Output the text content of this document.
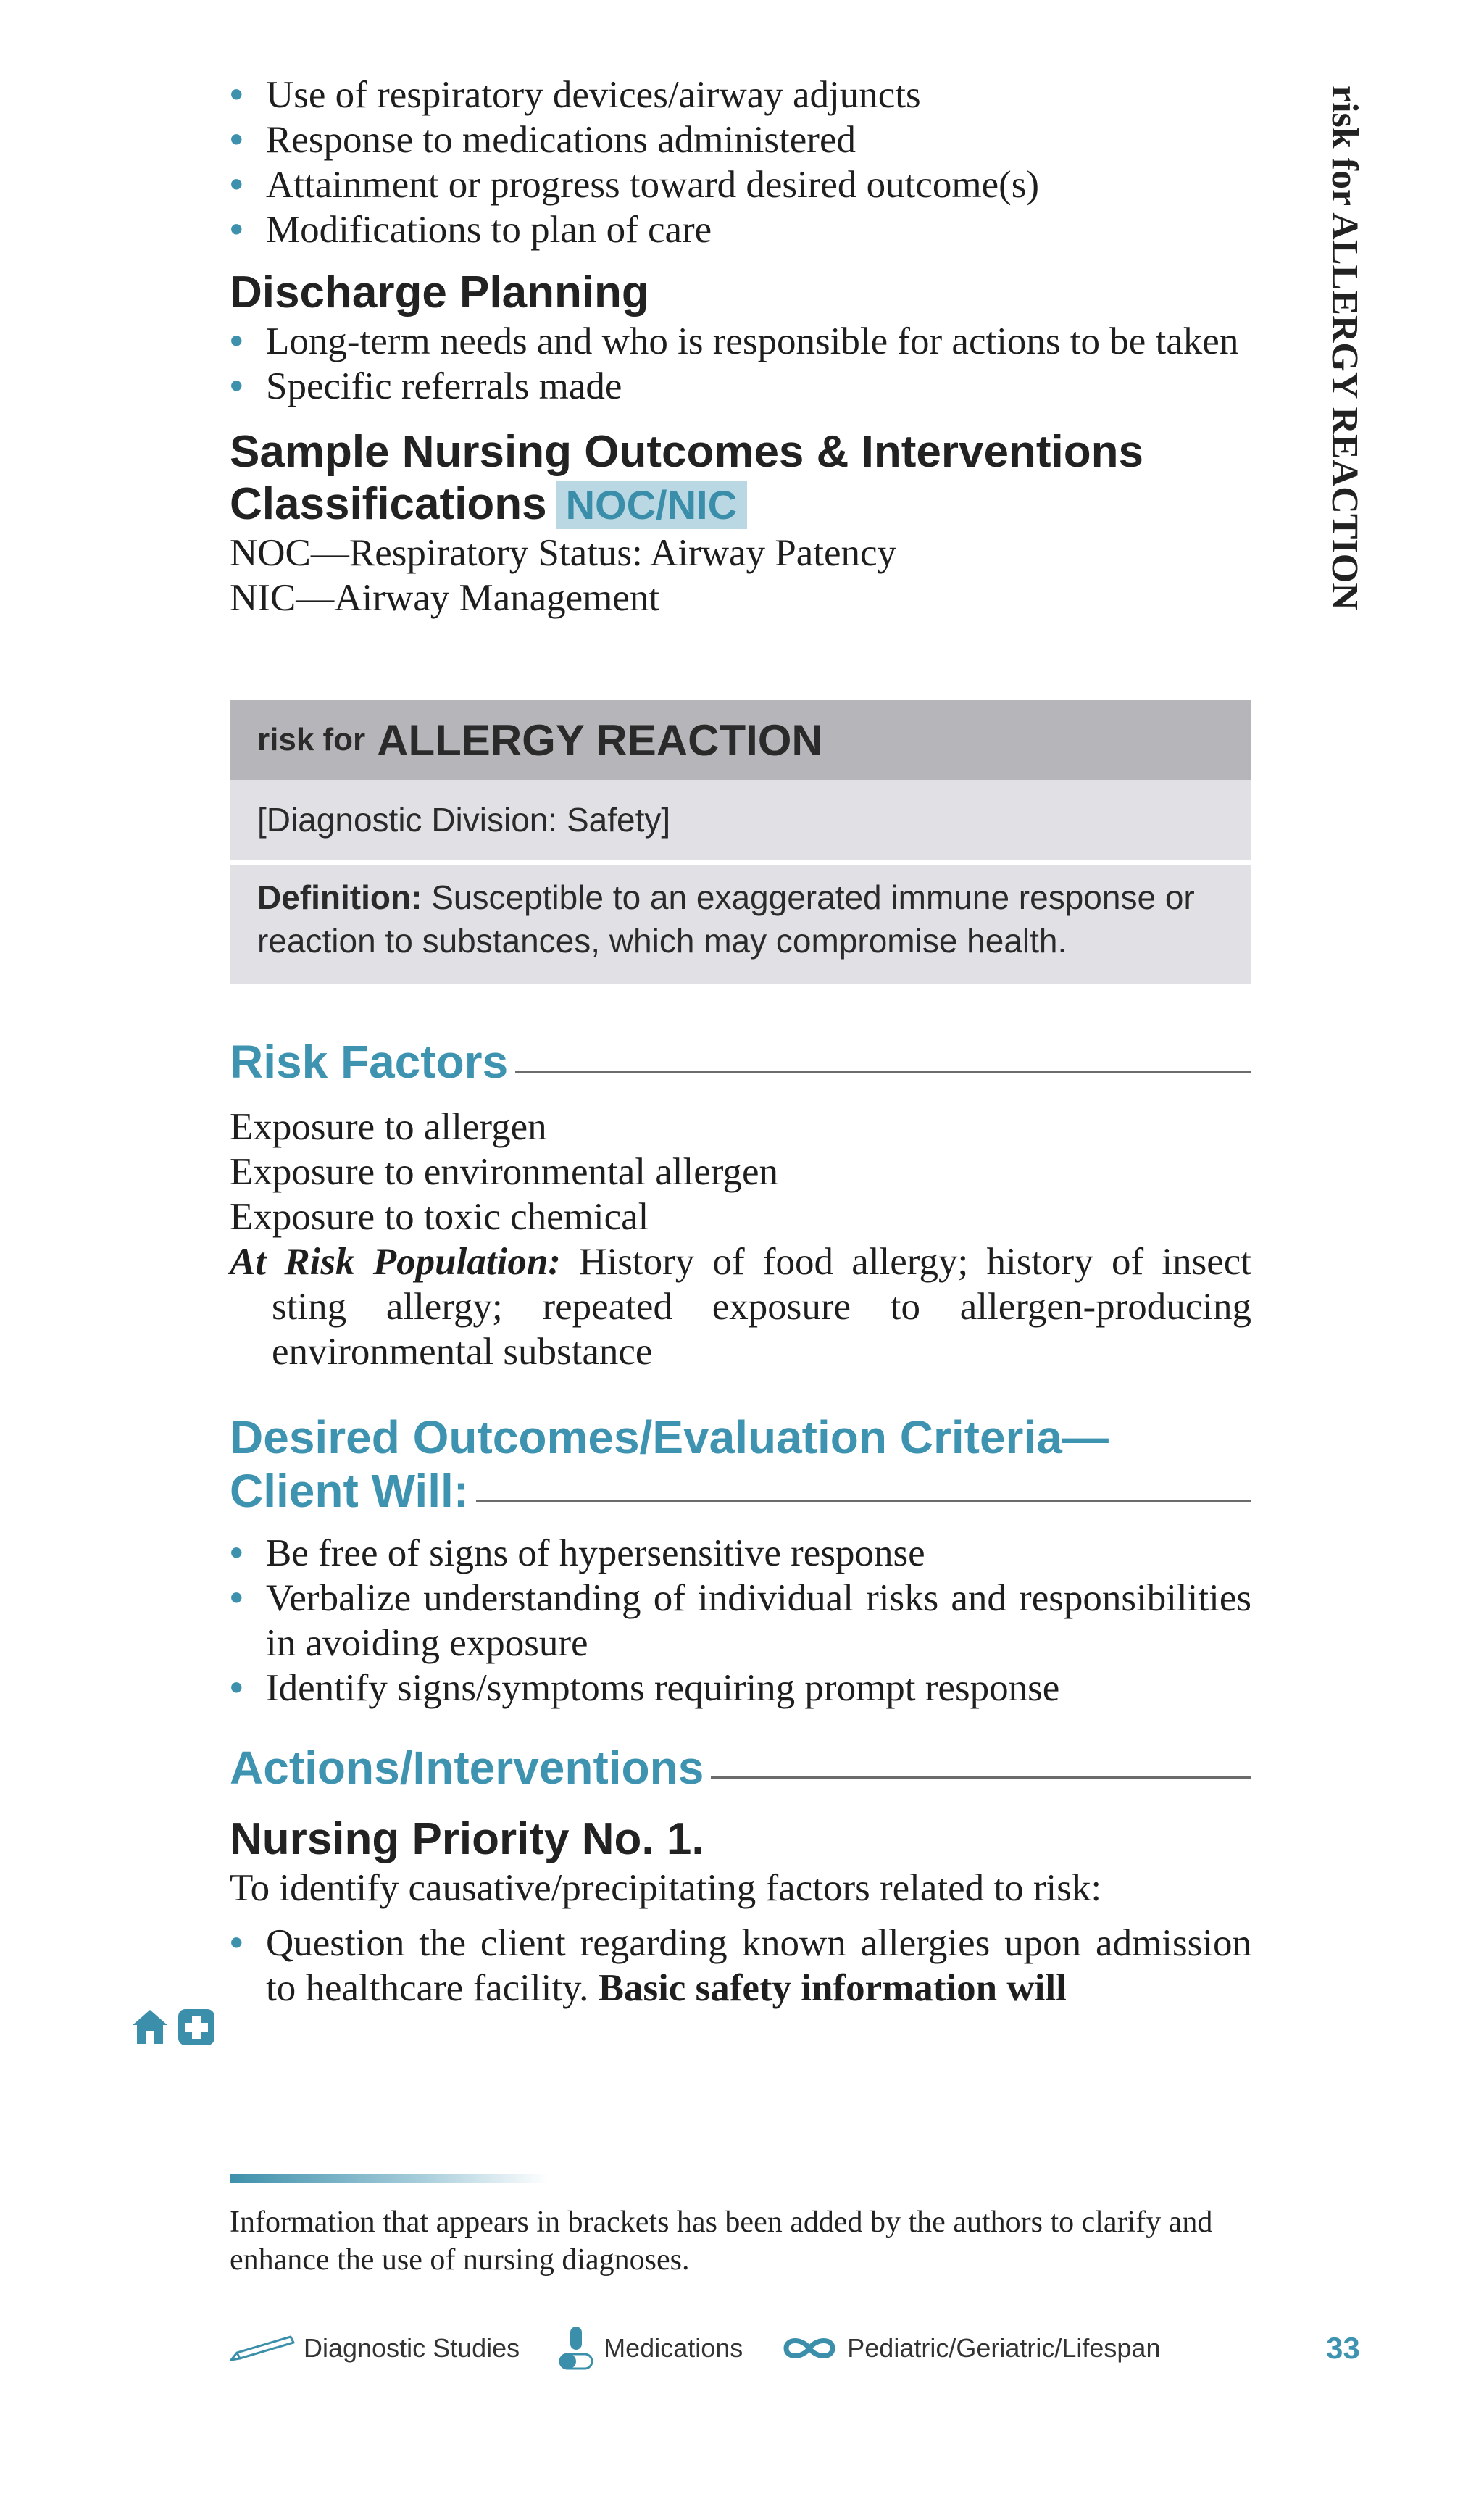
risk for ALLERGY REACTION
• Use of respiratory devices/airway adjuncts
• Response to medications administered
• Attainment or progress toward desired outcome(s)
• Modifications to plan of care
Discharge Planning
• Long-term needs and who is responsible for actions to be taken
• Specific referrals made
Sample Nursing Outcomes & Interventions
Classifications NOC/NIC
NOC—Respiratory Status: Airway Patency
NIC—Airway Management
risk for ALLERGY REACTION
[Diagnostic Division: Safety]
Definition: Susceptible to an exaggerated immune response or reaction to substances, which may compromise health.
Risk Factors
Exposure to allergen
Exposure to environmental allergen
Exposure to toxic chemical
At Risk Population: History of food allergy; history of insect sting allergy; repeated exposure to allergen-producing environmental substance
Desired Outcomes/Evaluation Criteria—
Client Will:
• Be free of signs of hypersensitive response
• Verbalize understanding of individual risks and responsibilities in avoiding exposure
• Identify signs/symptoms requiring prompt response
Actions/Interventions
Nursing Priority No. 1.
To identify causative/precipitating factors related to risk:
• Question the client regarding known allergies upon admission to healthcare facility. Basic safety information will
Information that appears in brackets has been added by the authors to clarify and enhance the use of nursing diagnoses.
Diagnostic Studies	Medications	Pediatric/Geriatric/Lifespan	33
